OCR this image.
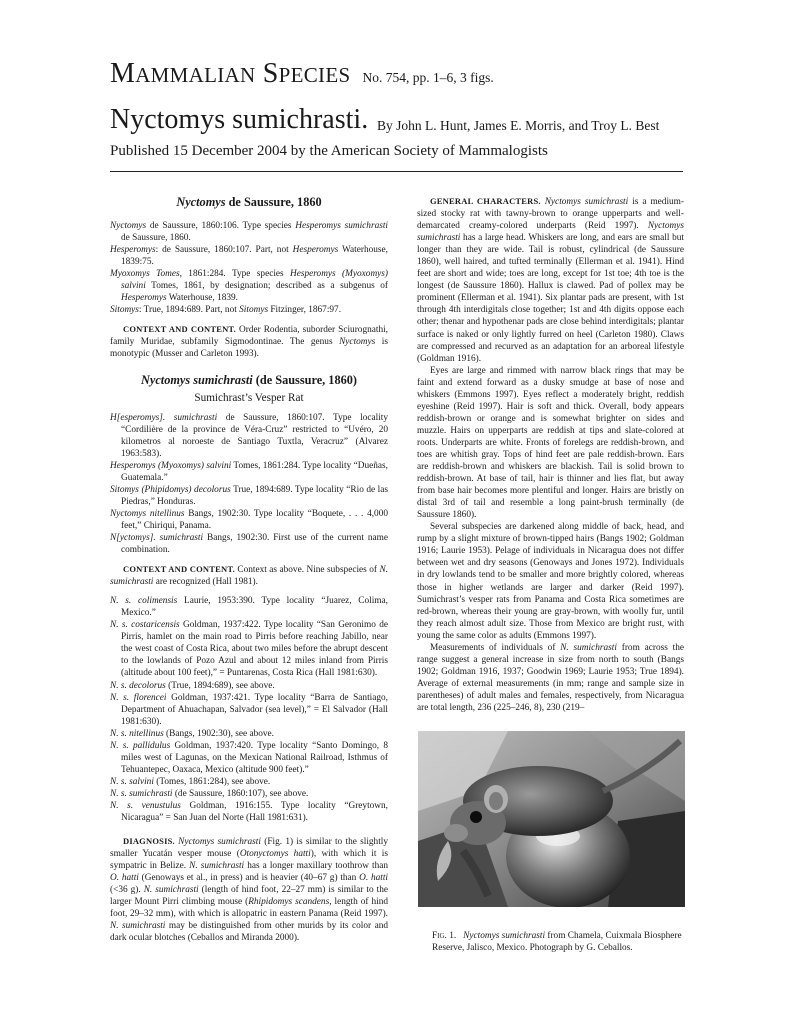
MAMMALIAN SPECIES No. 754, pp. 1–6, 3 figs.
Nyctomys sumichrasti. By John L. Hunt, James E. Morris, and Troy L. Best
Published 15 December 2004 by the American Society of Mammalogists
Nyctomys de Saussure, 1860

Nyctomys de Saussure, 1860:106. Type species Hesperomys sumichrasti de Saussure, 1860.

Hesperomys: de Saussure, 1860:107. Part, not Hesperomys Waterhouse, 1839:75.

Myoxomys Tomes, 1861:284. Type species Hesperomys (Myoxomys) salvini Tomes, 1861, by designation; described as a subgenus of Hesperomys Waterhouse, 1839.

Sitomys: True, 1894:689. Part, not Sitomys Fitzinger, 1867:97.

CONTEXT AND CONTENT. Order Rodentia, suborder Sciurognathi, family Muridae, subfamily Sigmodontinae. The genus Nyctomys is monotypic (Musser and Carleton 1993).

Nyctomys sumichrasti (de Saussure, 1860)
Sumichrast’s Vesper Rat

H[esperomys]. sumichrasti de Saussure, 1860:107. Type locality “Cordilière de la province de Véra-Cruz” restricted to “Uvéro, 20 kilometros al noroeste de Santiago Tuxtla, Veracruz” (Alvarez 1963:583).

Hesperomys (Myoxomys) salvini Tomes, 1861:284. Type locality “Dueñas, Guatemala.”

Sitomys (Phipidomys) decolorus True, 1894:689. Type locality “Rio de las Piedras,” Honduras.

Nyctomys nitellinus Bangs, 1902:30. Type locality “Boquete, . . . 4,000 feet,” Chiriqui, Panama.

N[yctomys]. sumichrasti Bangs, 1902:30. First use of the current name combination.

CONTEXT AND CONTENT. Context as above. Nine subspecies of N. sumichrasti are recognized (Hall 1981).

N. s. colimensis Laurie, 1953:390. Type locality “Juarez, Colima, Mexico.”

N. s. costaricensis Goldman, 1937:422. Type locality “San Geronimo de Pirris, hamlet on the main road to Pirris before reaching Jabillo, near the west coast of Costa Rica, about two miles before the abrupt descent to the lowlands of Pozo Azul and about 12 miles inland from Pirris (altitude about 100 feet),” = Puntarenas, Costa Rica (Hall 1981:630).

N. s. decolorus (True, 1894:689), see above.

N. s. florencei Goldman, 1937:421. Type locality “Barra de Santiago, Department of Ahuachapan, Salvador (sea level),” = El Salvador (Hall 1981:630).

N. s. nitellinus (Bangs, 1902:30), see above.

N. s. pallidulus Goldman, 1937:420. Type locality “Santo Domingo, 8 miles west of Lagunas, on the Mexican National Railroad, Isthmus of Tehuantepec, Oaxaca, Mexico (altitude 900 feet).”

N. s. salvini (Tomes, 1861:284), see above.

N. s. sumichrasti (de Saussure, 1860:107), see above.

N. s. venustulus Goldman, 1916:155. Type locality “Greytown, Nicaragua” = San Juan del Norte (Hall 1981:631).

DIAGNOSIS. Nyctomys sumichrasti (Fig. 1) is similar to the slightly smaller Yucatán vesper mouse (Otonyctomys hatti), with which it is sympatric in Belize. N. sumichrasti has a longer maxillary toothrow than O. hatti (Genoways et al., in press) and is heavier (40–67 g) than O. hatti (<36 g). N. sumichrasti (length of hind foot, 22–27 mm) is similar to the larger Mount Pirri climbing mouse (Rhipidomys scandens, length of hind foot, 29–32 mm), with which is allopatric in eastern Panama (Reid 1997). N. sumichrasti may be distinguished from other murids by its color and dark ocular blotches (Ceballos and Miranda 2000).

GENERAL CHARACTERS. Nyctomys sumichrasti is a medium-sized stocky rat with tawny-brown to orange upperparts and well-demarcated creamy-colored underparts (Reid 1997). Nyctomys sumichrasti has a large head. Whiskers are long, and ears are small but longer than they are wide. Tail is robust, cylindrical (de Saussure 1860), well haired, and tufted terminally (Ellerman et al. 1941). Hind feet are short and wide; toes are long, except for 1st toe; 4th toe is the longest (de Saussure 1860). Hallux is clawed. Pad of pollex may be prominent (Ellerman et al. 1941). Six plantar pads are present, with 1st through 4th interdigitals close together; 1st and 4th digits oppose each other; thenar and hypothenar pads are close behind interdigitals; plantar surface is naked or only lightly furred on heel (Carleton 1980). Claws are compressed and recurved as an adaptation for an arboreal lifestyle (Goldman 1916).

Eyes are large and rimmed with narrow black rings that may be faint and extend forward as a dusky smudge at base of nose and whiskers (Emmons 1997). Eyes reflect a moderately bright, reddish eyeshine (Reid 1997). Hair is soft and thick. Overall, body appears reddish-brown or orange and is somewhat brighter on sides and muzzle. Hairs on upperparts are reddish at tips and slate-colored at roots. Underparts are white. Fronts of forelegs are reddish-brown, and toes are whitish gray. Tops of hind feet are pale reddish-brown. Ears are reddish-brown and whiskers are blackish. Tail is solid brown to reddish-brown. At base of tail, hair is thinner and lies flat, but away from base hair becomes more plentiful and longer. Hairs are bristly on distal 3rd of tail and resemble a long paint-brush terminally (de Saussure 1860).

Several subspecies are darkened along middle of back, head, and rump by a slight mixture of brown-tipped hairs (Bangs 1902; Goldman 1916; Laurie 1953). Pelage of individuals in Nicaragua does not differ between wet and dry seasons (Genoways and Jones 1972). Individuals in dry lowlands tend to be smaller and more brightly colored, whereas those in higher wetlands are larger and darker (Reid 1997). Sumichrast’s vesper rats from Panama and Costa Rica sometimes are red-brown, whereas their young are gray-brown, with woolly fur, until they reach almost adult size. Those from Mexico are bright rust, with young the same color as adults (Emmons 1997).

Measurements of individuals of N. sumichrasti from across the range suggest a general increase in size from north to south (Bangs 1902; Goldman 1916, 1937; Goodwin 1969; Laurie 1953; True 1894). Average of external measurements (in mm; range and sample size in parentheses) of adult males and females, respectively, from Nicaragua are total length, 236 (225–246, 8), 230 (219–

Fig. 1. Nyctomys sumichrasti from Chamela, Cuixmala Biosphere Reserve, Jalisco, Mexico. Photograph by G. Ceballos.
